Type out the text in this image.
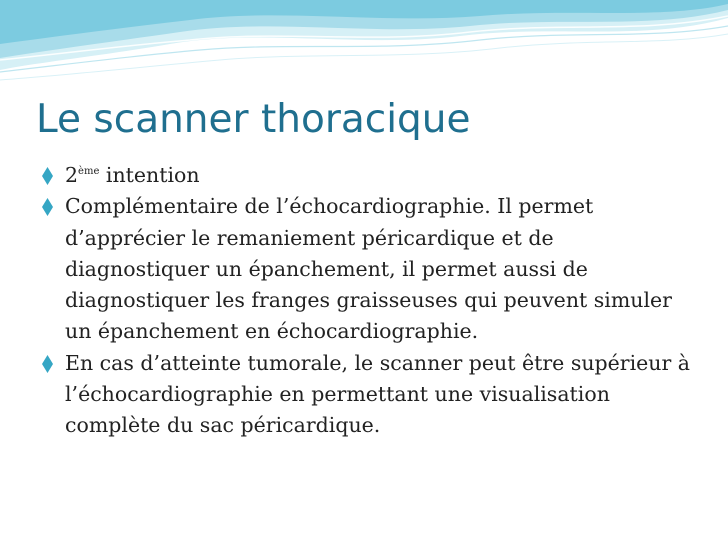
Le scanner thoracique
2ème intention
Complémentaire de l’échocardiographie. Il permet d’apprécier le remaniement péricardique et de diagnostiquer un épanchement, il permet aussi de diagnostiquer les franges graisseuses qui peuvent simuler un épanchement en échocardiographie.
En cas d’atteinte tumorale, le scanner peut être supérieur à l’échocardiographie en permettant une visualisation complète du sac péricardique.
